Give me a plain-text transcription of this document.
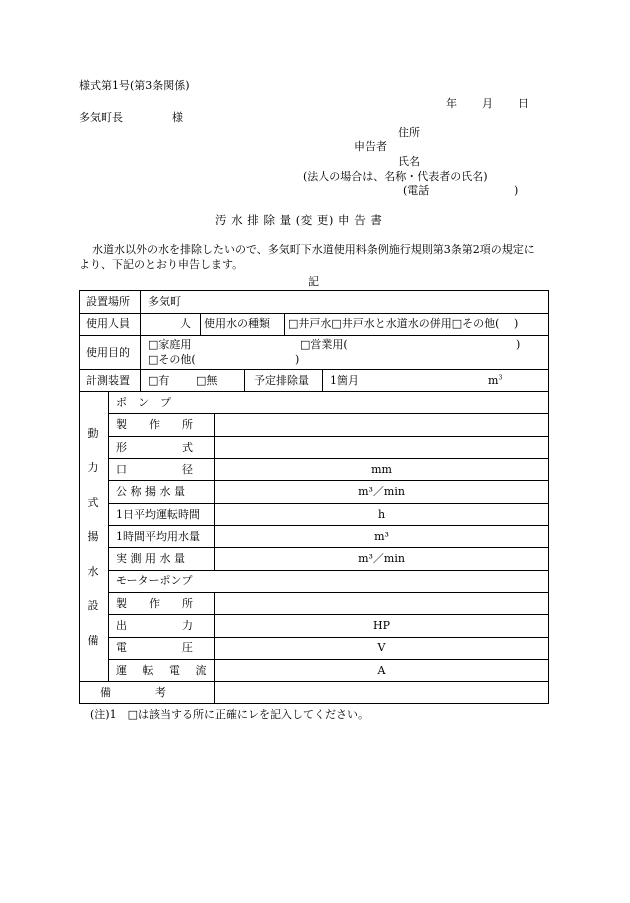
様式第1号(第3条関係)
年 月 日
多気町長	様
住所
申告者
氏名
(法人の場合は、名称・代表者の氏名)
(電話	)
汚 水 排 除 量 (変 更) 申 告 書
水道水以外の水を排除したいので、多気町下水道使用料条例施行規則第3条第2項の規定に
より、下記のとおり申告します。
記
設置場所 多気町
使用人員	人 使用水の種類 □井戸水□井戸水と水道水の併用□その他(　 )
使用目的
□家庭用	□営業用(	)
□その他(	)
計測装置 □有 □無	予定排除量 1箇月	$m^3$
動
力
式
揚
水
設
備
ポ　ン　プ
製　　作　　所
形　　　　　式
口　　　　　径	mm
公 称 揚 水 量	m³／min
1日平均運転時間	h
1時間平均用水量	m³
実 測 用 水 量	m³／min
モーターポンプ
製　　作　　所
出　　　　　力	HP
電　　　　　圧	V
運 転 電 流	A
備　　　　考
(注)1　□は該当する所に正確にレを記入してください。
